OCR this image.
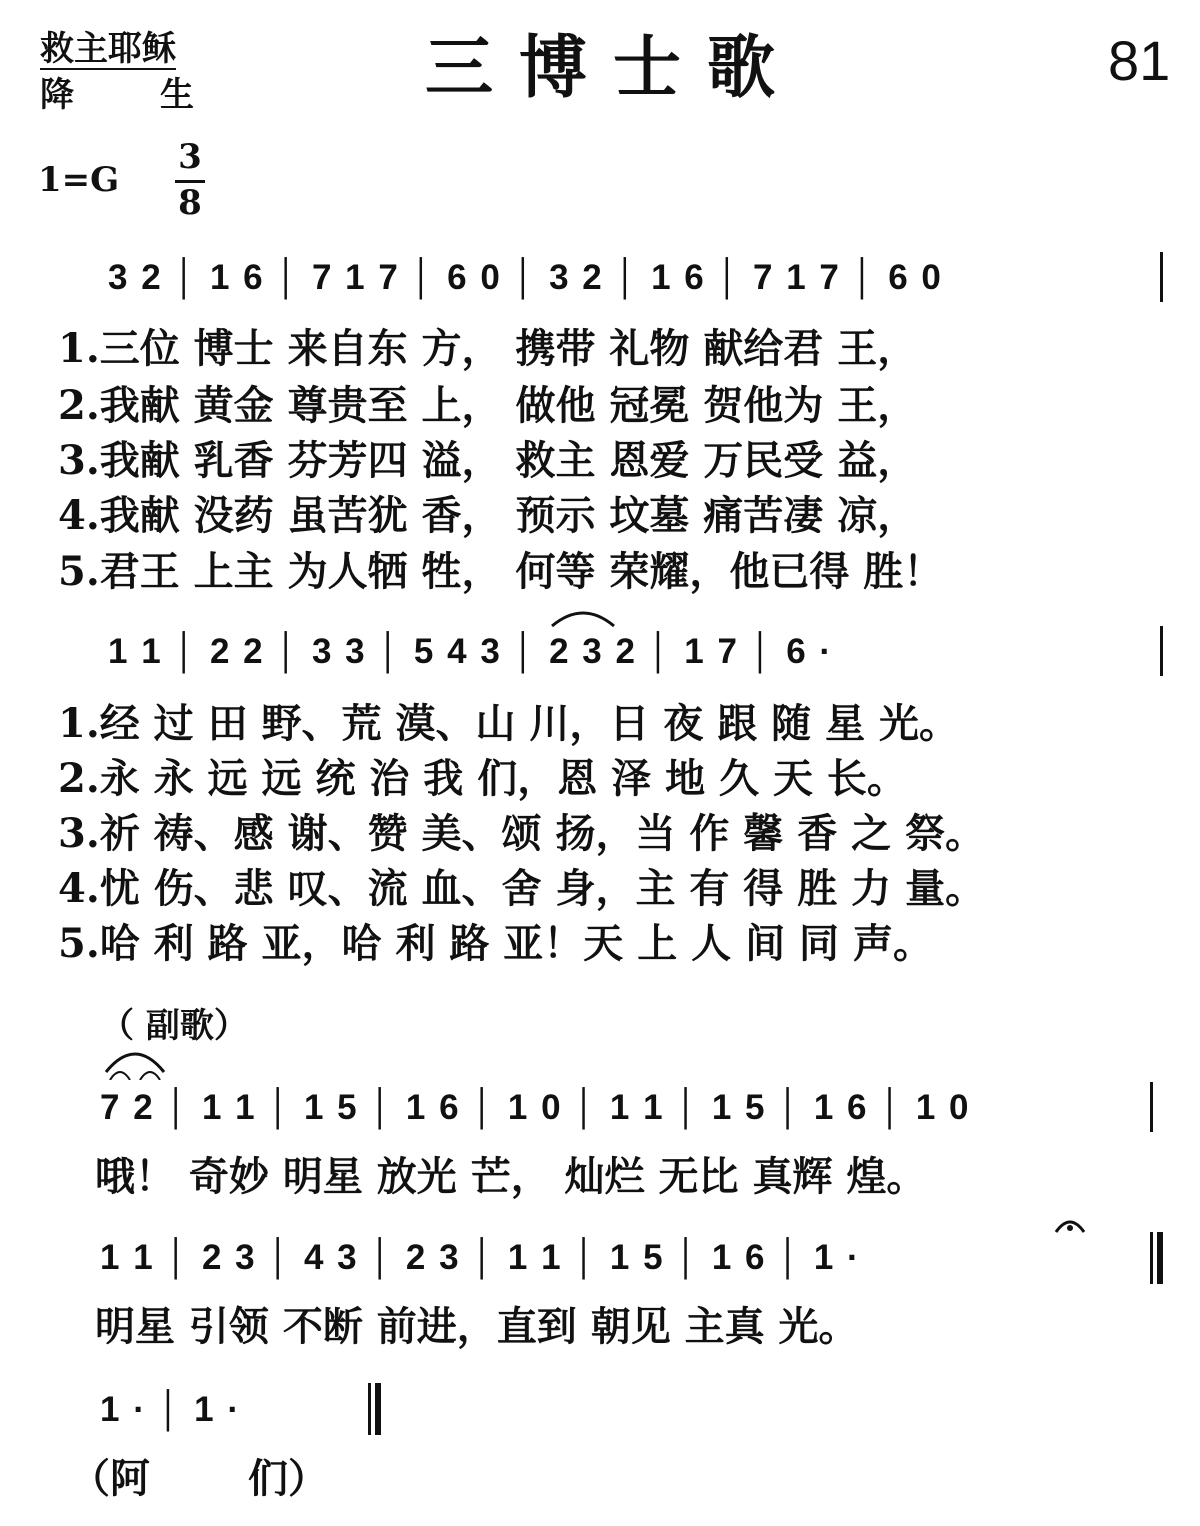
救主耶稣
降	生	三博士歌	81
1=G
3
8
3 2 │ 1 6 │ 7 1 7 │ 6 0 │ 3 2 │ 1 6 │ 7 1 7 │ 6 0
1.三位 博士 来自东 方， 携带 礼物 献给君 王，
2.我献 黄金 尊贵至 上， 做他 冠冕 贺他为 王，
3.我献 乳香 芬芳四 溢， 救主 恩爱 万民受 益，
4.我献 没药 虽苦犹 香， 预示 坟墓 痛苦凄 凉，
5.君王 上主 为人牺 牲， 何等 荣耀，他已得 胜！
1 1 │ 2 2 │ 3 3 │ 5 4 3 │ 2 3 2 │ 1 7 │ 6 ·
1.经 过 田 野、荒 漠、山 川，日 夜 跟 随 星 光。
2.永 永 远 远 统 治 我 们，恩 泽 地 久 天 长。
3.祈 祷、感 谢、赞 美、颂 扬，当 作 馨 香 之 祭。
4.忧 伤、悲 叹、流 血、舍 身，主 有 得 胜 力 量。
5.哈 利 路 亚，哈 利 路 亚！天 上 人 间 同 声。
（ 副歌）
7 2 │ 1 1 │ 1 5 │ 1 6 │ 1 0 │ 1 1 │ 1 5 │ 1 6 │ 1 0
哦！ 奇妙 明星 放光 芒， 灿烂 无比 真辉 煌。
1 1 │ 2 3 │ 4 3 │ 2 3 │ 1 1 │ 1 5 │ 1 6 │ 1 ·
明星 引领 不断 前进，直到 朝见 主真 光。
1 · │ 1 ·
（阿 们）
